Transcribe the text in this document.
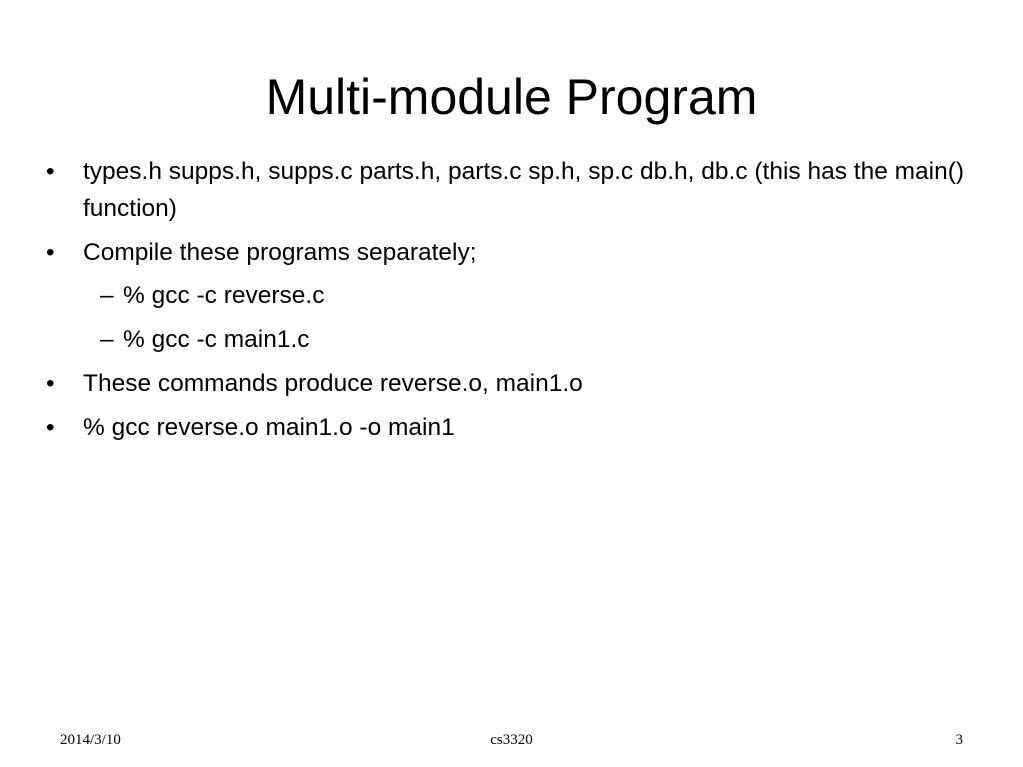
Multi-module Program
•	types.h supps.h, supps.c parts.h, parts.c sp.h, sp.c db.h, db.c (this has the main() function)
•	Compile these programs separately;
– % gcc -c reverse.c
– % gcc -c main1.c
•	These commands produce reverse.o, main1.o
•	% gcc reverse.o main1.o -o main1
2014/3/10	cs3320	3
